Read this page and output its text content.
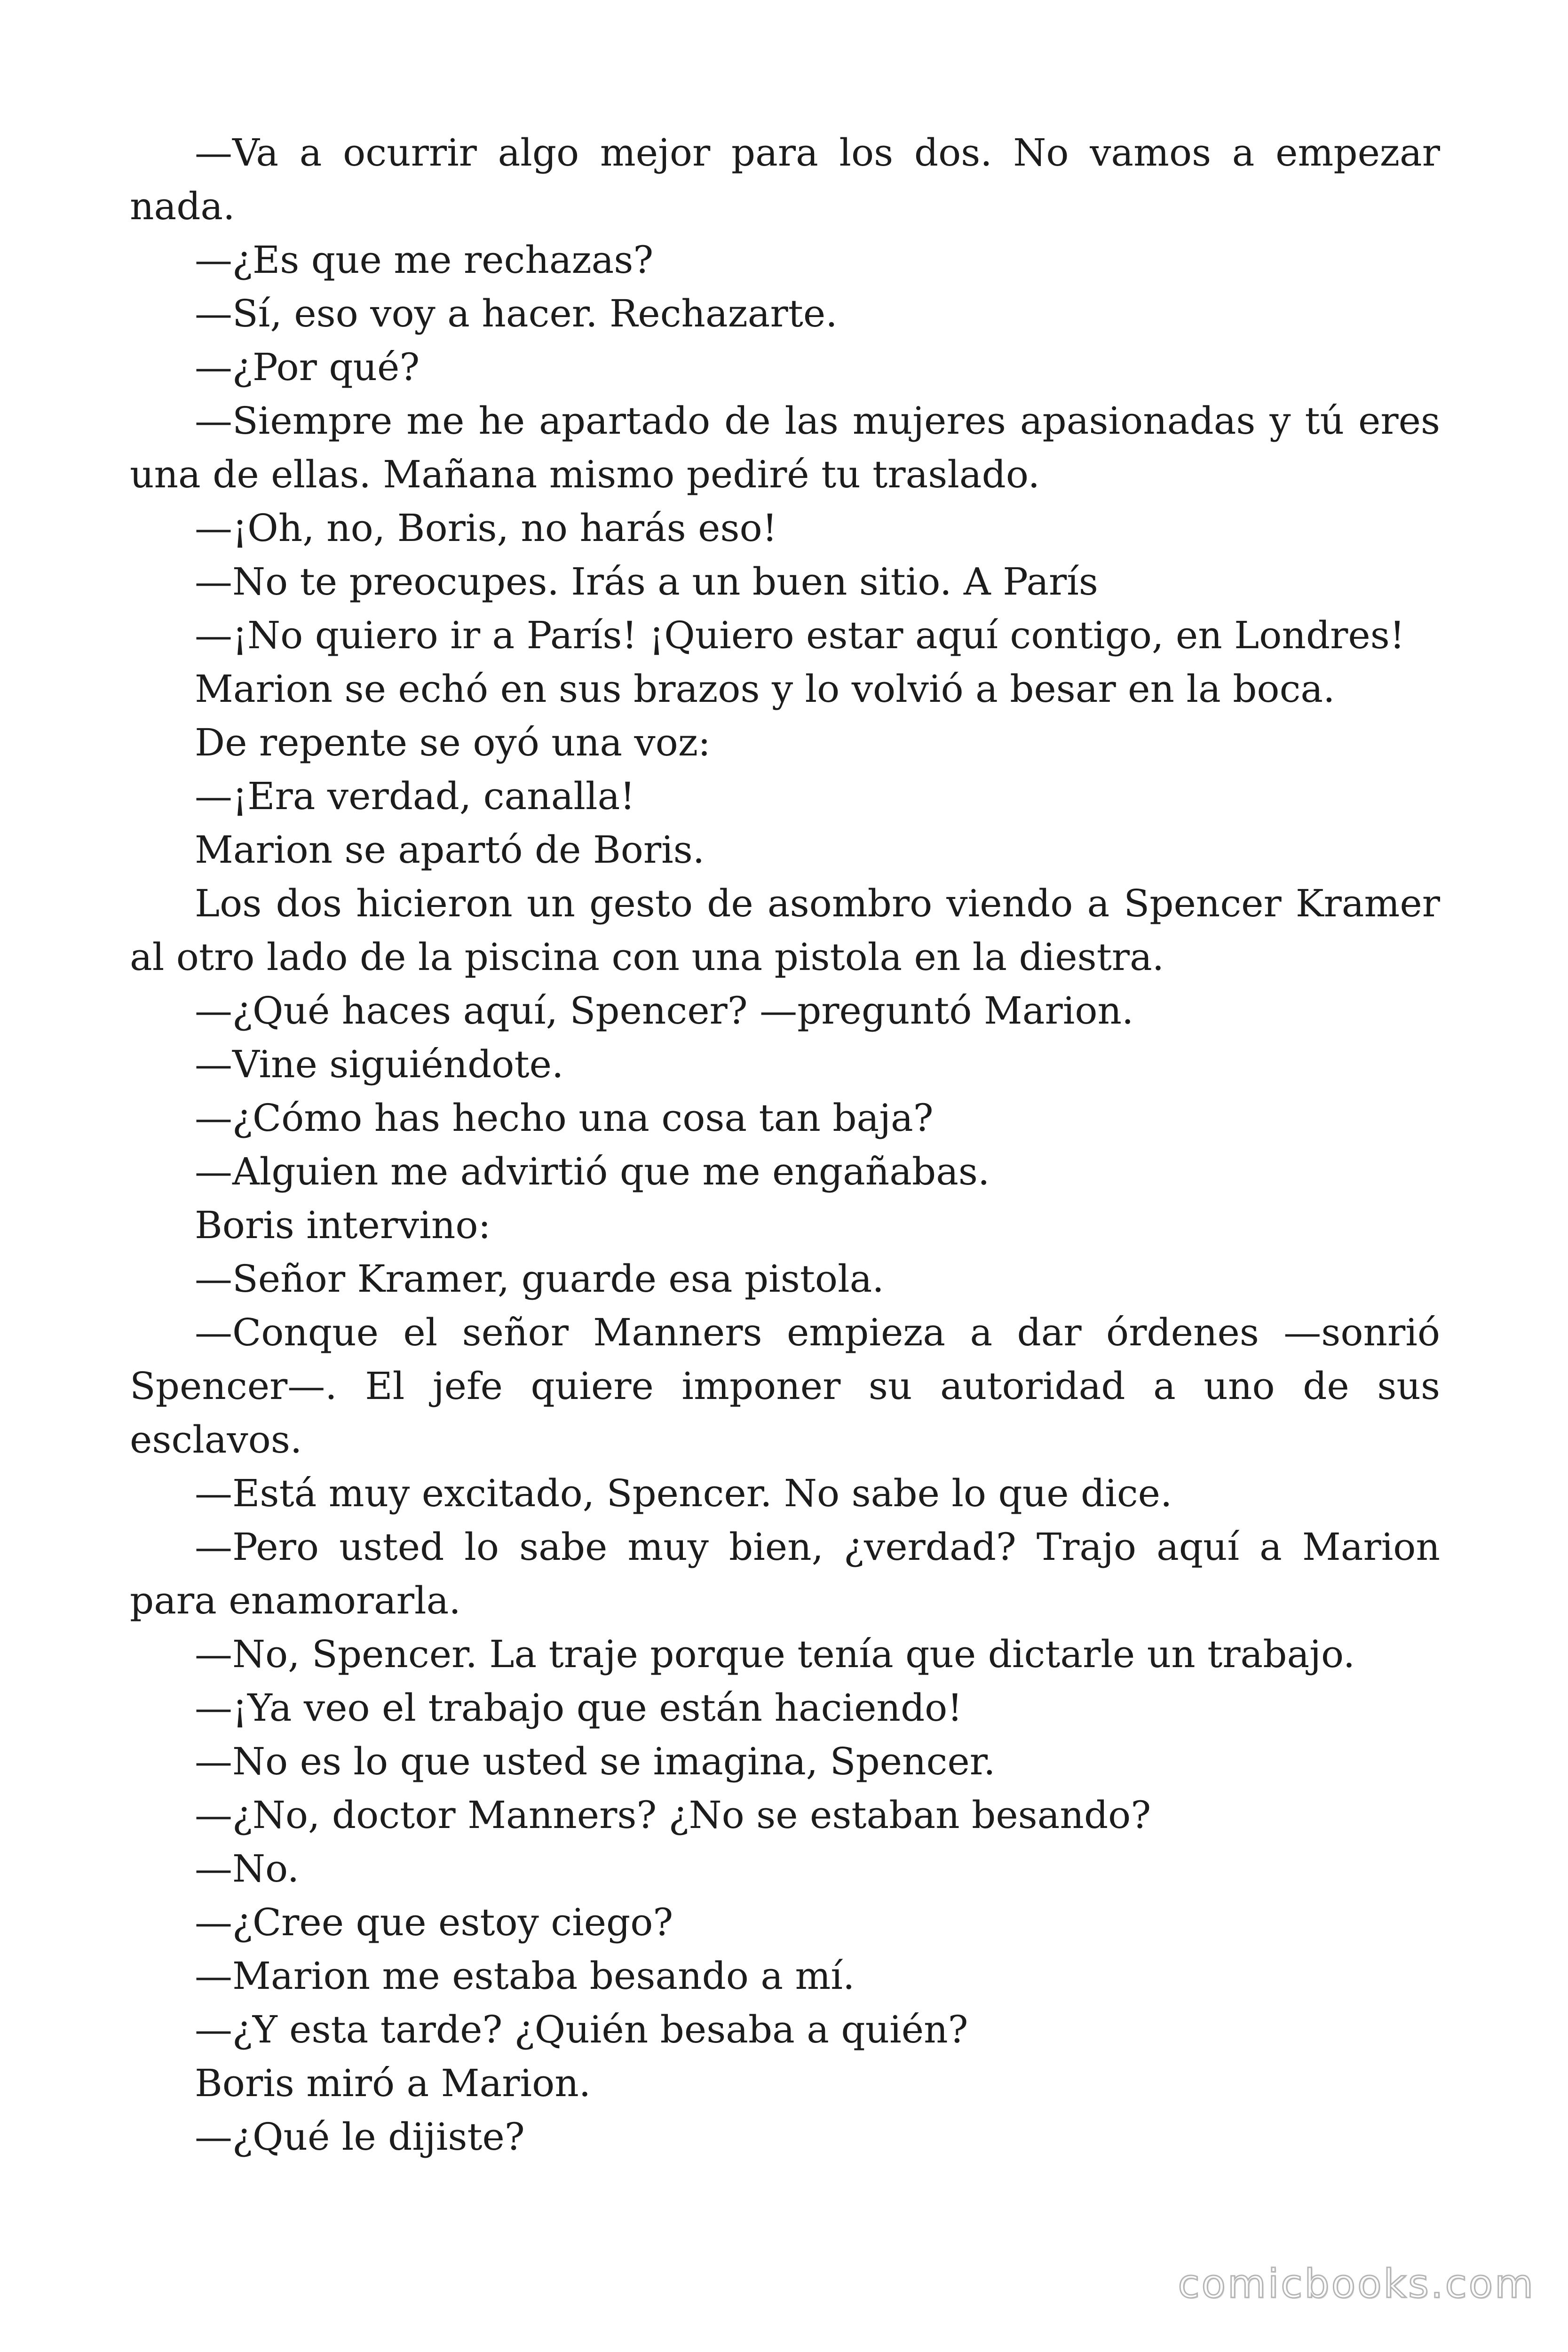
—Va a ocurrir algo mejor para los dos. No vamos a empezar nada.

—¿Es que me rechazas?

—Sí, eso voy a hacer. Rechazarte.

—¿Por qué?

—Siempre me he apartado de las mujeres apasionadas y tú eres una de ellas. Mañana mismo pediré tu traslado.

—¡Oh, no, Boris, no harás eso!

—No te preocupes. Irás a un buen sitio. A París

—¡No quiero ir a París! ¡Quiero estar aquí contigo, en Londres!

Marion se echó en sus brazos y lo volvió a besar en la boca.

De repente se oyó una voz:

—¡Era verdad, canalla!

Marion se apartó de Boris.

Los dos hicieron un gesto de asombro viendo a Spencer Kramer al otro lado de la piscina con una pistola en la diestra.

—¿Qué haces aquí, Spencer? —preguntó Marion.

—Vine siguiéndote.

—¿Cómo has hecho una cosa tan baja?

—Alguien me advirtió que me engañabas.

Boris intervino:

—Señor Kramer, guarde esa pistola.

—Conque el señor Manners empieza a dar órdenes —sonrió Spencer—. El jefe quiere imponer su autoridad a uno de sus esclavos.

—Está muy excitado, Spencer. No sabe lo que dice.

—Pero usted lo sabe muy bien, ¿verdad? Trajo aquí a Marion para enamorarla.

—No, Spencer. La traje porque tenía que dictarle un trabajo.

—¡Ya veo el trabajo que están haciendo!

—No es lo que usted se imagina, Spencer.

—¿No, doctor Manners? ¿No se estaban besando?

—No.

—¿Cree que estoy ciego?

—Marion me estaba besando a mí.

—¿Y esta tarde? ¿Quién besaba a quién?

Boris miró a Marion.

—¿Qué le dijiste?

comicbooks.com
